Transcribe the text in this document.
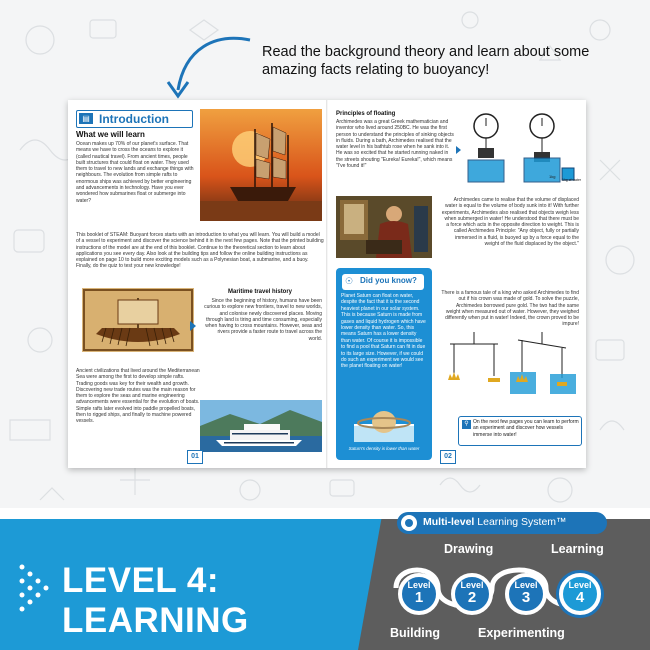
Read the background theory and learn about some amazing facts relating to buoyancy!
▤ Introduction
What we will learn
Ocean makes up 70% of our planet's surface. That means we have to cross the oceans to explore it (called nautical travel). From ancient times, people built structures that could float on water. They used them to travel to new lands and exchange things with neighbours. The evolution from simple rafts to enormous ships was achieved by better engineering and advancements in technology. Have you ever wondered how submarines float or submerge into water?
This booklet of STEAM: Buoyant forces starts with an introduction to what you will learn. You will build a model of a vessel to experiment and discover the science behind it in the next few pages. Note that the printed building instructions of the model are at the end of this booklet. Continue to the theoretical section to learn about applications you see every day. Also look at the building tips and follow the online building instructions as explained on page 10 to build more exciting models such as a Polynesian boat, a submarine, and a buoy. Finally, do the quiz to test your new knowledge!
Maritime travel history
Since the beginning of history, humans have been curious to explore new frontiers, travel to new worlds, and colonise newly discovered places. Moving through land is tiring and time consuming, especially when having to cross mountains. However, seas and rivers provide a faster route to travel across the world.
Ancient civilizations that lived around the Mediterranean Sea were among the first to develop simple rafts. Trading goods was key for their wealth and growth. Discovering new trade routes was the main reason for them to explore the seas and marine engineering advancements were essential for the evolution of boats. Simple rafts later evolved into paddle propelled boats, then to rigged ships, and finally to machine powered vessels.
01
Principles of floating
Archimedes was a great Greek mathematician and inventor who lived around 250BC. He was the first person to understand the principles of sinking objects in fluids. During a bath, Archimedes realised that the water level in his bathtub rose when he sank into it. He was so excited that he started running naked in the streets shouting "Eureka! Eureka!", which means "I've found it!"
1kg
1kg of water
Archimedes came to realise that the volume of displaced water is equal to the volume of body sunk into it! With further experiments, Archimedes also realised that objects weigh less when submerged in water! He understood that there must be a force which acts in the opposite direction to weight. This is called Archimedes Principle: "Any object, fully or partially immersed in a fluid, is buoyed up by a force equal to the weight of the fluid displaced by the object."
☉ Did you know?
Planet Saturn can float on water, despite the fact that it is the second heaviest planet in our solar system. This is because Saturn is made from gases and liquid hydrogen which have lower density than water. So, this means Saturn has a lower density than water. Of course it is impossible to find a pool that Saturn can fit in due to its large size. However, if we could do such an experiment we would see the planet floating on water!
Saturn's density is lower than water
02
There is a famous tale of a king who asked Archimedes to find out if his crown was made of gold. To solve the puzzle, Archimedes borrowed pure gold. The two had the same weight when measured out of water. However, they weighed differently when put in water! Indeed, the crown proved to be impure!
⚲ On the next few pages you can learn to perform an experiment and discover how vessels immerse into water!
LEVEL 4:
LEARNING
Multi-level Learning System™
Drawing	Learning
Building	Experimenting
Level
1
Level
2
Level
3
Level
4
